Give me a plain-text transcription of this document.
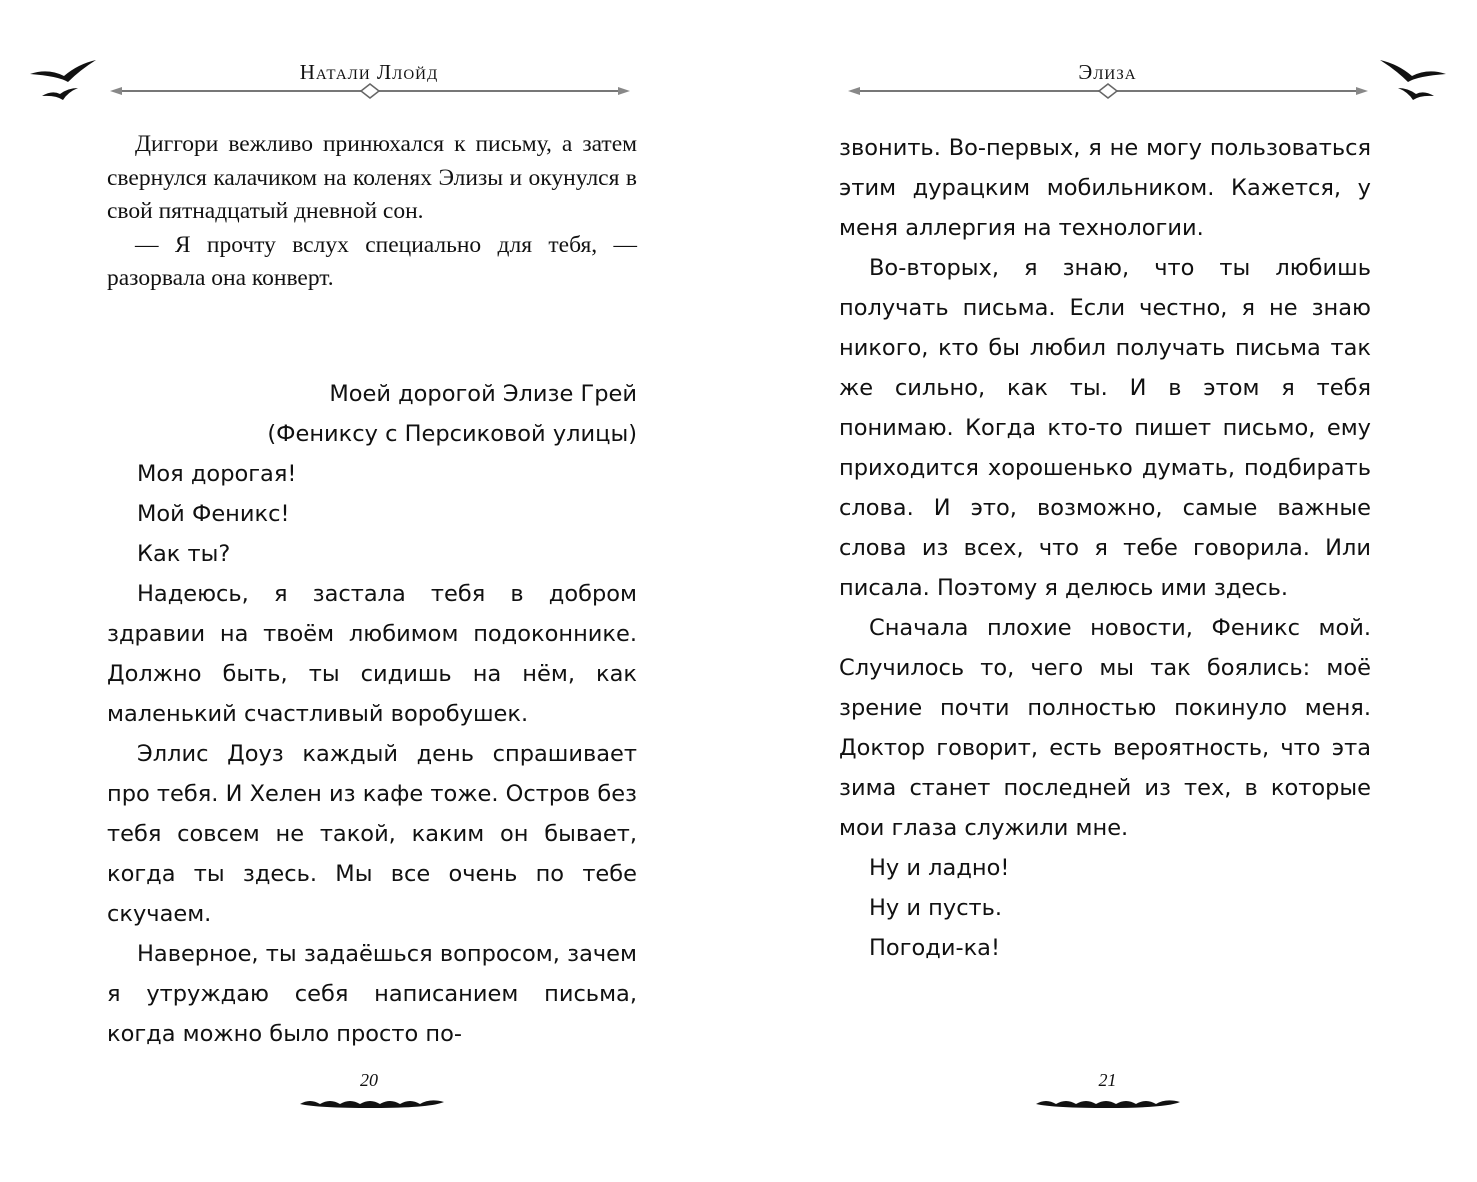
Натали Ллойд

Диггори вежливо принюхался к письму, а затем свернулся калачиком на коленях Элизы и окунулся в свой пятнадцатый дневной сон.

— Я прочту вслух специально для тебя, — разорвала она конверт.

Моей дорогой Элизе Грей

(Фениксу с Персиковой улицы)

Моя дорогая!

Мой Феникс!

Как ты?

Надеюсь, я застала тебя в добром здравии на твоём любимом подоконнике. Должно быть, ты сидишь на нём, как маленький счастливый воробушек.

Эллис Доуз каждый день спрашивает про тебя. И Хелен из кафе тоже. Остров без тебя совсем не такой, каким он бывает, когда ты здесь. Мы все очень по тебе скучаем.

Наверное, ты задаёшься вопросом, зачем я утруждаю себя написанием письма, когда можно было просто по-

20
Элиза

звонить. Во-первых, я не могу пользоваться этим дурацким мобильником. Кажется, у меня аллергия на технологии.

Во-вторых, я знаю, что ты любишь получать письма. Если честно, я не знаю никого, кто бы любил получать письма так же сильно, как ты. И в этом я тебя понимаю. Когда кто-то пишет письмо, ему приходится хорошенько думать, подбирать слова. И это, возможно, самые важные слова из всех, что я тебе говорила. Или писала. Поэтому я делюсь ими здесь.

Сначала плохие новости, Феникс мой. Случилось то, чего мы так боялись: моё зрение почти полностью покинуло меня. Доктор говорит, есть вероятность, что эта зима станет последней из тех, в которые мои глаза служили мне.

Ну и ладно!

Ну и пусть.

Погоди-ка!

21
